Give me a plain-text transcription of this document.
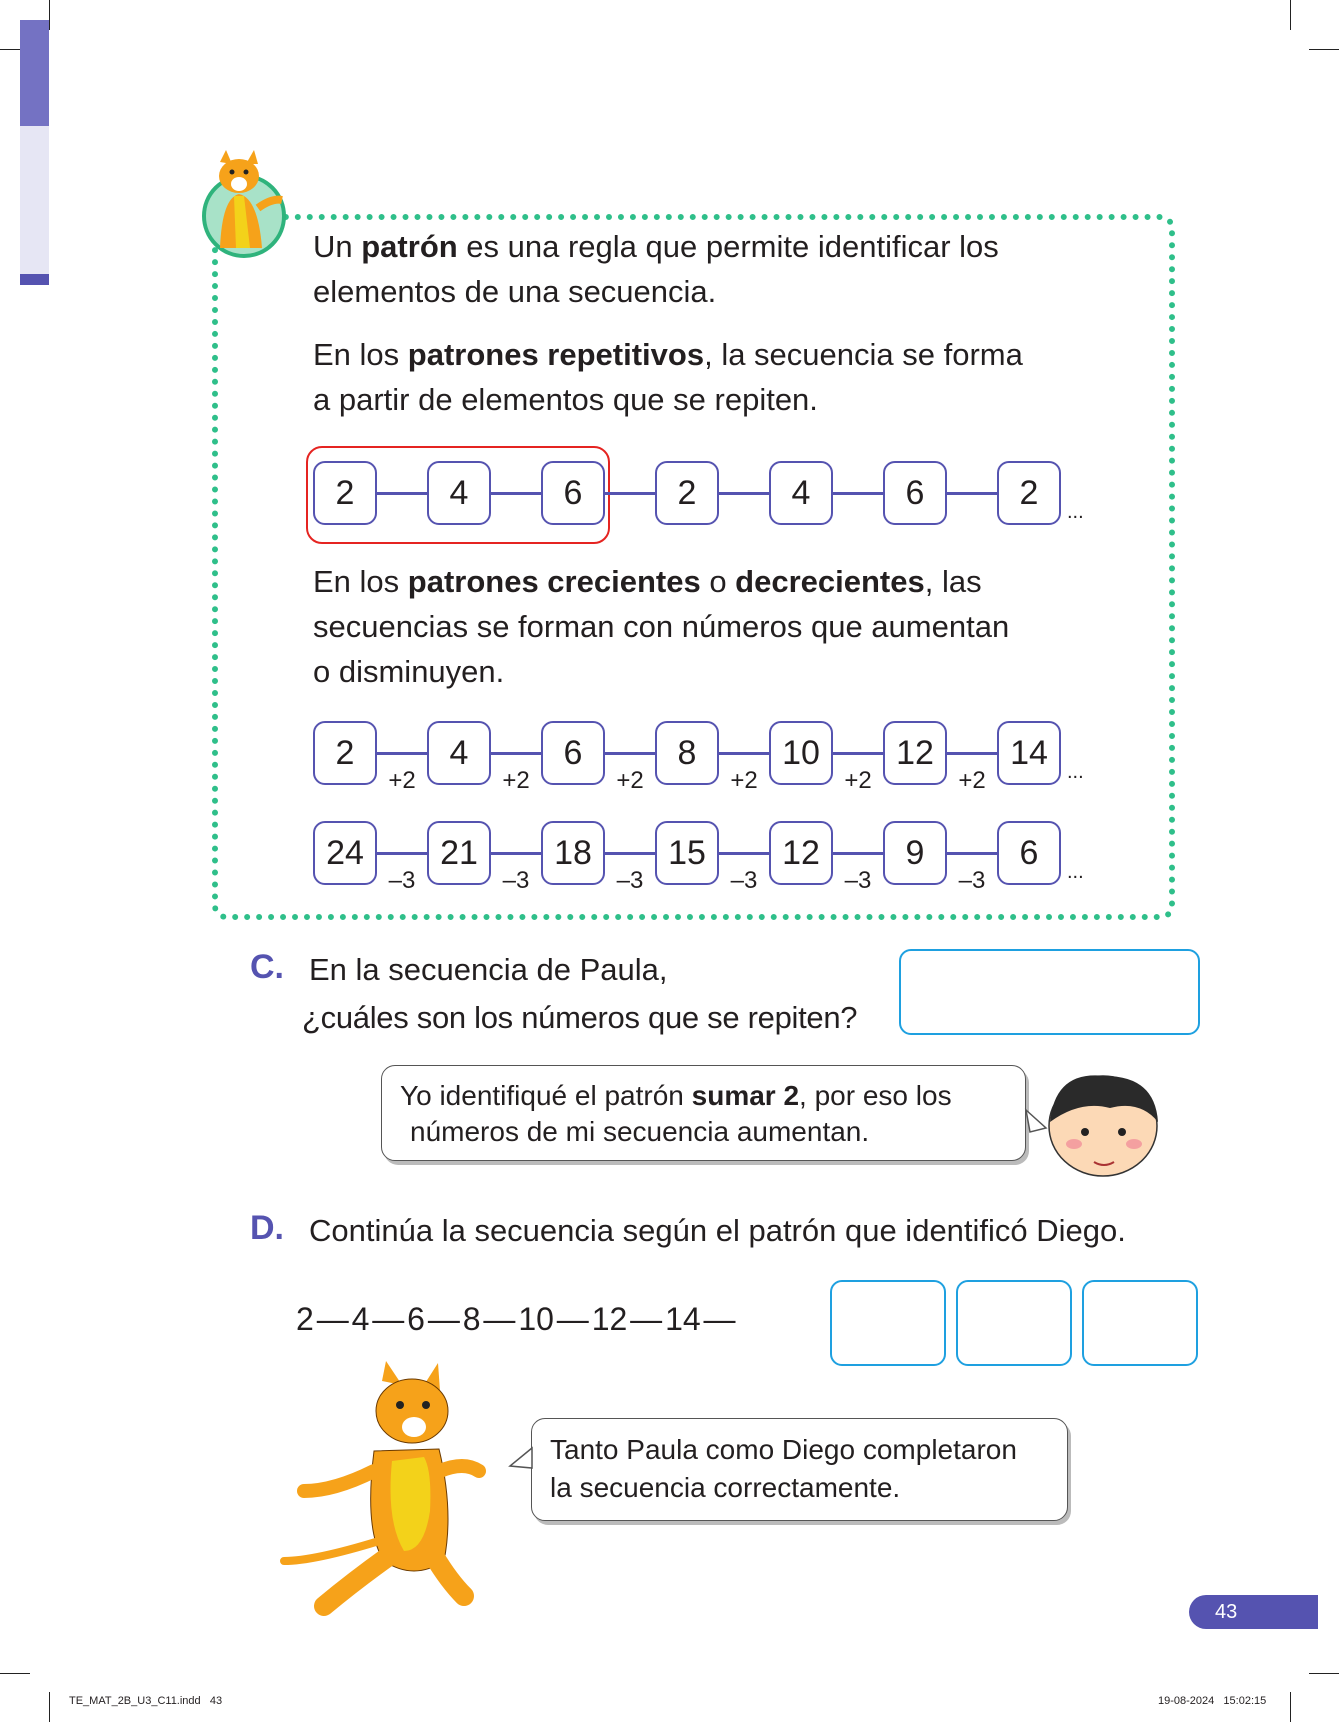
Un patrón es una regla que permite identificar los
elementos de una secuencia.
En los patrones repetitivos, la secuencia se forma
a partir de elementos que se repiten.
2	4	6	2	4	6	2
...
En los patrones crecientes o decrecientes, las
secuencias se forman con números que aumentan
o disminuyen.
2
+2
4
+2
6
+2
8
+2
10
+2
12
+2
14
...
24
–3
21
–3
18
–3
15
–3
12
–3
9
–3
6
...
C. En la secuencia de Paula,
¿cuáles son los números que se repiten?
Yo identifiqué el patrón sumar 2, por eso los
números de mi secuencia aumentan.
D. Continúa la secuencia según el patrón que identificó Diego.
2 — 4 — 6 — 8 — 10 — 12 — 14 —
Tanto Paula como Diego completaron
la secuencia correctamente.
43
TE_MAT_2B_U3_C11.indd   43	19-08-2024   15:02:15
